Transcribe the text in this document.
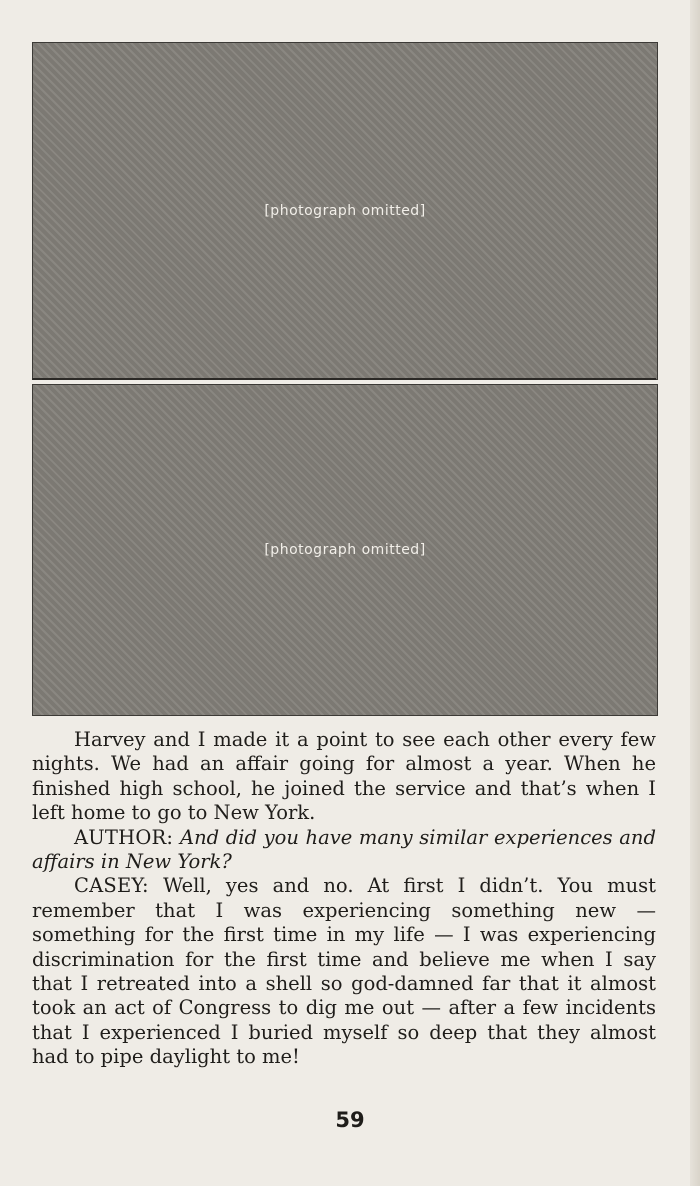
[photograph omitted]
[photograph omitted]

Harvey and I made it a point to see each other every few nights. We had an affair going for almost a year. When he finished high school, he joined the service and that’s when I left home to go to New York.

AUTHOR: And did you have many similar experiences and affairs in New York?

CASEY: Well, yes and no. At first I didn’t. You must remember that I was experiencing something new — something for the first time in my life — I was experiencing discrimination for the first time and believe me when I say that I retreated into a shell so god-damned far that it almost took an act of Congress to dig me out — after a few incidents that I experienced I buried myself so deep that they almost had to pipe daylight to me!

59
